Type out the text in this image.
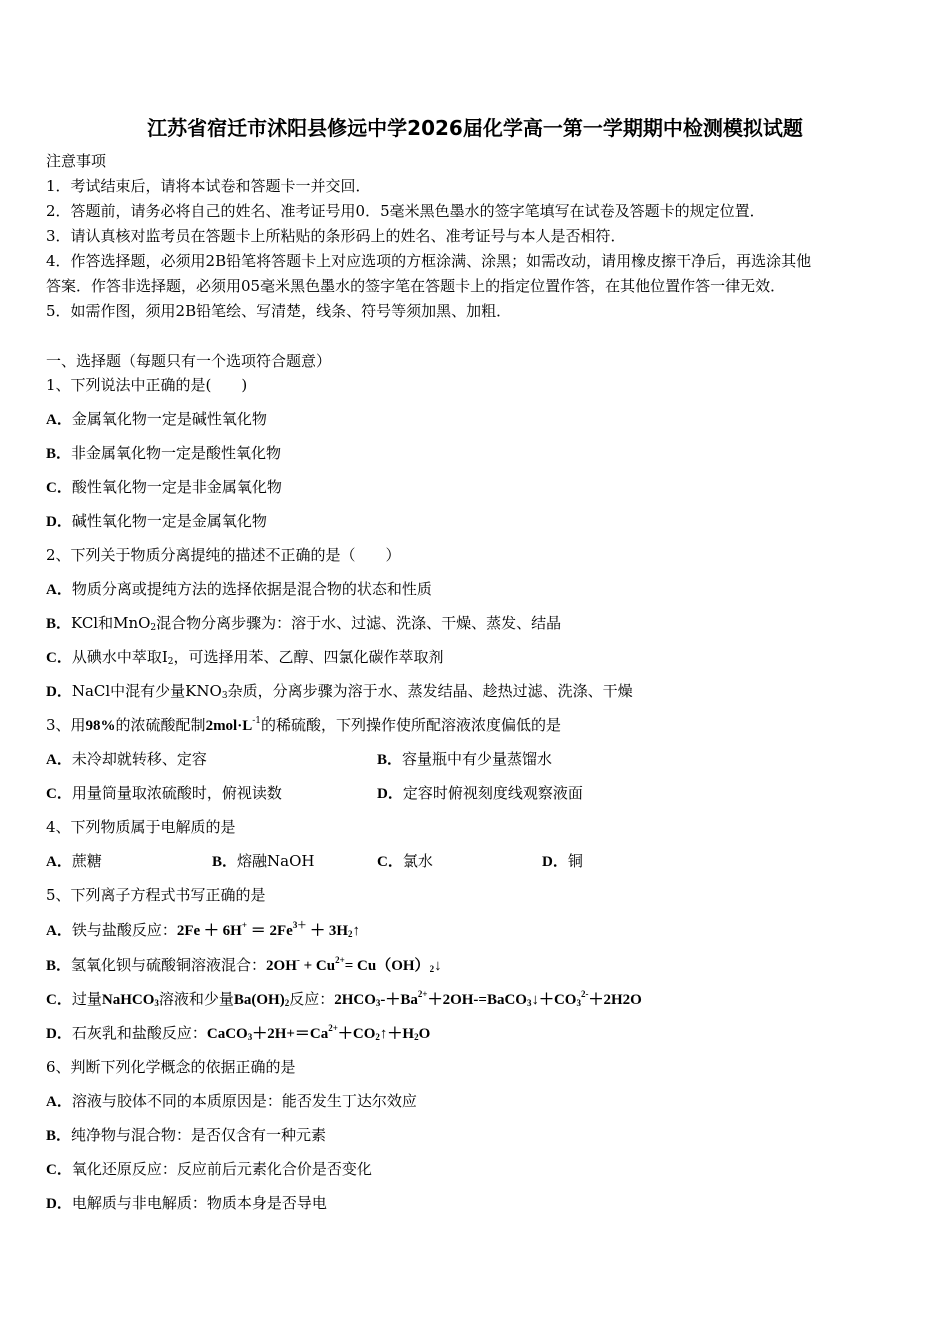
江苏省宿迁市沭阳县修远中学2026届化学高一第一学期期中检测模拟试题
注意事项
1．考试结束后，请将本试卷和答题卡一并交回．
2．答题前，请务必将自己的姓名、准考证号用0．5毫米黑色墨水的签字笔填写在试卷及答题卡的规定位置．
3．请认真核对监考员在答题卡上所粘贴的条形码上的姓名、准考证号与本人是否相符．
4．作答选择题，必须用2B铅笔将答题卡上对应选项的方框涂满、涂黑；如需改动，请用橡皮擦干净后，再选涂其他
答案．作答非选择题，必须用05毫米黑色墨水的签字笔在答题卡上的指定位置作答，在其他位置作答一律无效．
5．如需作图，须用2B铅笔绘、写清楚，线条、符号等须加黑、加粗．
一、选择题（每题只有一个选项符合题意）
1、下列说法中正确的是(　　)
A．金属氧化物一定是碱性氧化物
B．非金属氧化物一定是酸性氧化物
C．酸性氧化物一定是非金属氧化物
D．碱性氧化物一定是金属氧化物
2、下列关于物质分离提纯的描述不正确的是（　　）
A．物质分离或提纯方法的选择依据是混合物的状态和性质
B．KCl和MnO$_2$混合物分离步骤为：溶于水、过滤、洗涤、干燥、蒸发、结晶
C．从碘水中萃取$I_2$，可选择用苯、乙醇、四氯化碳作萃取剂
D．NaCl中混有少量$KNO_3$杂质，分离步骤为溶于水、蒸发结晶、趁热过滤、洗涤、干燥
3、用98%的浓硫酸配制$2mol\cdot L^{-1}$的稀硫酸，下列操作使所配溶液浓度偏低的是
A．未冷却就转移、定容	B．容量瓶中有少量蒸馏水
C．用量筒量取浓硫酸时，俯视读数	D．定容时俯视刻度线观察液面
4、下列物质属于电解质的是
A．蔗糖	B．熔融NaOH	C．氯水	D．铜
5、下列离子方程式书写正确的是
A．铁与盐酸反应：$2Fe + 6H^+ = 2Fe^{3+}$ ＋ $3H_2↑$
B．氢氧化钡与硫酸铜溶液混合：$2OH^- + Cu^{2+}=$ $Cu(OH)_2↓$
C．过量NaHCO$_3$溶液和少量$Ba(OH)_2$反应：$2HCO_3-+Ba^{2+}+2OH-=BaCO_3↓+CO_3^{2-}+2H2O$
D．石灰乳和盐酸反应：$CaCO_3+2H+=Ca^{2+}+CO_2↑+H_2O$
6、判断下列化学概念的依据正确的是
A．溶液与胶体不同的本质原因是：能否发生丁达尔效应
B．纯净物与混合物：是否仅含有一种元素
C．氧化还原反应：反应前后元素化合价是否变化
D．电解质与非电解质：物质本身是否导电
